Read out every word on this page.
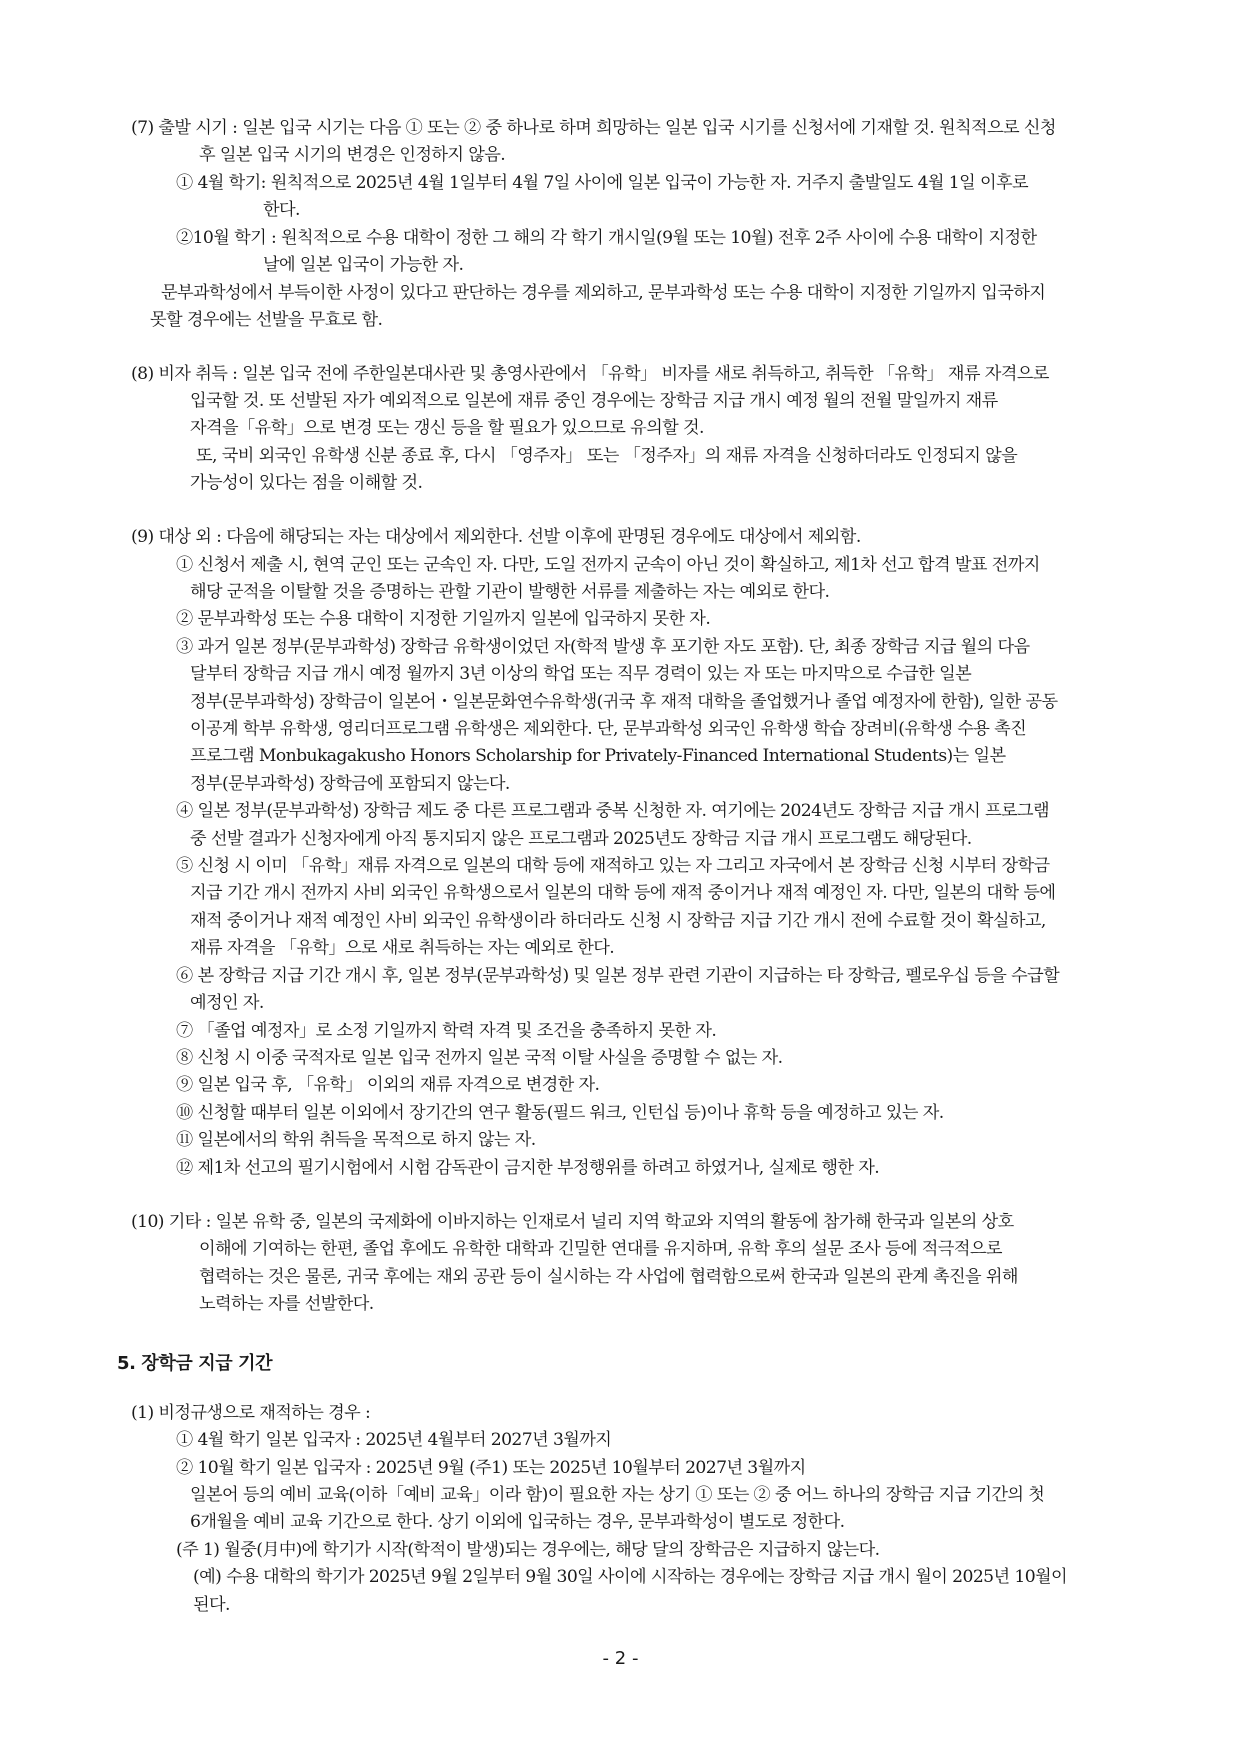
(7) 출발 시기 : 일본 입국 시기는 다음 ① 또는 ② 중 하나로 하며 희망하는 일본 입국 시기를 신청서에 기재할 것. 원칙적으로 신청
후 일본 입국 시기의 변경은 인정하지 않음.
① 4월 학기: 원칙적으로 2025년 4월 1일부터 4월 7일 사이에 일본 입국이 가능한 자. 거주지 출발일도 4월 1일 이후로
한다.
②10월 학기 : 원칙적으로 수용 대학이 정한 그 해의 각 학기 개시일(9월 또는 10월) 전후 2주 사이에 수용 대학이 지정한
날에 일본 입국이 가능한 자.
문부과학성에서 부득이한 사정이 있다고 판단하는 경우를 제외하고, 문부과학성 또는 수용 대학이 지정한 기일까지 입국하지
못할 경우에는 선발을 무효로 함.
(8) 비자 취득 : 일본 입국 전에 주한일본대사관 및 총영사관에서 「유학」 비자를 새로 취득하고, 취득한 「유학」 재류 자격으로
입국할 것. 또 선발된 자가 예외적으로 일본에 재류 중인 경우에는 장학금 지급 개시 예정 월의 전월 말일까지 재류
자격을「유학」으로 변경 또는 갱신 등을 할 필요가 있으므로 유의할 것.
또, 국비 외국인 유학생 신분 종료 후, 다시 「영주자」 또는 「정주자」의 재류 자격을 신청하더라도 인정되지 않을
가능성이 있다는 점을 이해할 것.
(9) 대상 외 : 다음에 해당되는 자는 대상에서 제외한다. 선발 이후에 판명된 경우에도 대상에서 제외함.
① 신청서 제출 시, 현역 군인 또는 군속인 자. 다만, 도일 전까지 군속이 아닌 것이 확실하고, 제1차 선고 합격 발표 전까지
해당 군적을 이탈할 것을 증명하는 관할 기관이 발행한 서류를 제출하는 자는 예외로 한다.
② 문부과학성 또는 수용 대학이 지정한 기일까지 일본에 입국하지 못한 자.
③ 과거 일본 정부(문부과학성) 장학금 유학생이었던 자(학적 발생 후 포기한 자도 포함). 단, 최종 장학금 지급 월의 다음
달부터 장학금 지급 개시 예정 월까지 3년 이상의 학업 또는 직무 경력이 있는 자 또는 마지막으로 수급한 일본
정부(문부과학성) 장학금이 일본어・일본문화연수유학생(귀국 후 재적 대학을 졸업했거나 졸업 예정자에 한함), 일한 공동
이공계 학부 유학생, 영리더프로그램 유학생은 제외한다. 단, 문부과학성 외국인 유학생 학습 장려비(유학생 수용 촉진
프로그램 Monbukagakusho Honors Scholarship for Privately-Financed International Students)는 일본
정부(문부과학성) 장학금에 포함되지 않는다.
④ 일본 정부(문부과학성) 장학금 제도 중 다른 프로그램과 중복 신청한 자. 여기에는 2024년도 장학금 지급 개시 프로그램
중 선발 결과가 신청자에게 아직 통지되지 않은 프로그램과 2025년도 장학금 지급 개시 프로그램도 해당된다.
⑤ 신청 시 이미 「유학」재류 자격으로 일본의 대학 등에 재적하고 있는 자 그리고 자국에서 본 장학금 신청 시부터 장학금
지급 기간 개시 전까지 사비 외국인 유학생으로서 일본의 대학 등에 재적 중이거나 재적 예정인 자. 다만, 일본의 대학 등에
재적 중이거나 재적 예정인 사비 외국인 유학생이라 하더라도 신청 시 장학금 지급 기간 개시 전에 수료할 것이 확실하고,
재류 자격을 「유학」으로 새로 취득하는 자는 예외로 한다.
⑥ 본 장학금 지급 기간 개시 후, 일본 정부(문부과학성) 및 일본 정부 관련 기관이 지급하는 타 장학금, 펠로우십 등을 수급할
예정인 자.
⑦ 「졸업 예정자」로 소정 기일까지 학력 자격 및 조건을 충족하지 못한 자.
⑧ 신청 시 이중 국적자로 일본 입국 전까지 일본 국적 이탈 사실을 증명할 수 없는 자.
⑨ 일본 입국 후, 「유학」 이외의 재류 자격으로 변경한 자.
⑩ 신청할 때부터 일본 이외에서 장기간의 연구 활동(필드 워크, 인턴십 등)이나 휴학 등을 예정하고 있는 자.
⑪ 일본에서의 학위 취득을 목적으로 하지 않는 자.
⑫ 제1차 선고의 필기시험에서 시험 감독관이 금지한 부정행위를 하려고 하였거나, 실제로 행한 자.
(10) 기타 : 일본 유학 중, 일본의 국제화에 이바지하는 인재로서 널리 지역 학교와 지역의 활동에 참가해 한국과 일본의 상호
이해에 기여하는 한편, 졸업 후에도 유학한 대학과 긴밀한 연대를 유지하며, 유학 후의 설문 조사 등에 적극적으로
협력하는 것은 물론, 귀국 후에는 재외 공관 등이 실시하는 각 사업에 협력함으로써 한국과 일본의 관계 촉진을 위해
노력하는 자를 선발한다.
5. 장학금 지급 기간
(1) 비정규생으로 재적하는 경우 :
① 4월 학기 일본 입국자 : 2025년 4월부터 2027년 3월까지
② 10월 학기 일본 입국자 : 2025년 9월 (주1) 또는 2025년 10월부터 2027년 3월까지
일본어 등의 예비 교육(이하「예비 교육」이라 함)이 필요한 자는 상기 ① 또는 ② 중 어느 하나의 장학금 지급 기간의 첫
6개월을 예비 교육 기간으로 한다. 상기 이외에 입국하는 경우, 문부과학성이 별도로 정한다.
(주 1) 월중(月中)에 학기가 시작(학적이 발생)되는 경우에는, 해당 달의 장학금은 지급하지 않는다.
(예) 수용 대학의 학기가 2025년 9월 2일부터 9월 30일 사이에 시작하는 경우에는 장학금 지급 개시 월이 2025년 10월이
된다.
- 2 -
